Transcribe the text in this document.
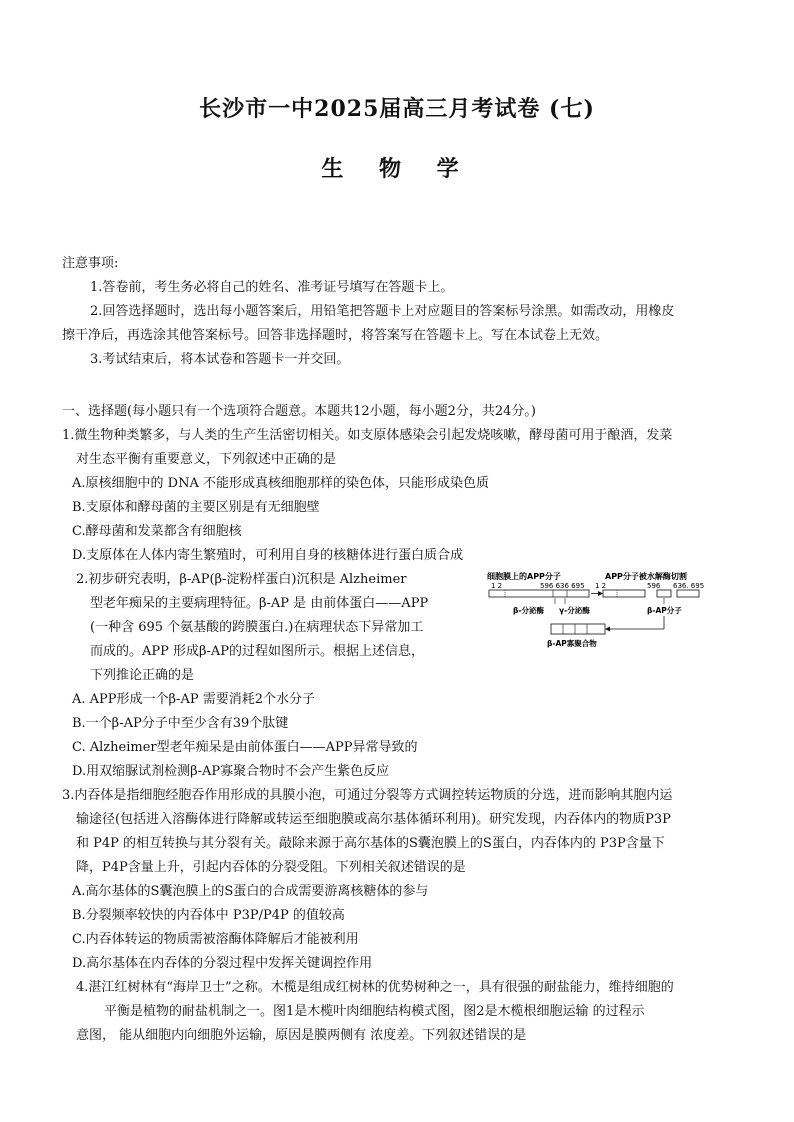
长沙市一中2025届高三月考试卷 (七)
生 物 学
注意事项:
1.答卷前，考生务必将自己的姓名、准考证号填写在答题卡上。
2.回答选择题时，选出每小题答案后，用铅笔把答题卡上对应题目的答案标号涂黑。如需改动，用橡皮
擦干净后，再选涂其他答案标号。回答非选择题时，将答案写在答题卡上。写在本试卷上无效。
3.考试结束后，将本试卷和答题卡一并交回。
一、选择题(每小题只有一个选项符合题意。本题共12小题，每小题2分，共24分。)
1.微生物种类繁多，与人类的生产生活密切相关。如支原体感染会引起发烧咳嗽，酵母菌可用于酿酒，发菜
对生态平衡有重要意义，下列叙述中正确的是
A.原核细胞中的 DNA 不能形成真核细胞那样的染色体，只能形成染色质
B.支原体和酵母菌的主要区别是有无细胞壁
C.酵母菌和发菜都含有细胞核
D.支原体在人体内寄生繁殖时，可利用自身的核糖体进行蛋白质合成
2.初步研究表明，β-AP(β-淀粉样蛋白)沉积是 Alzheimer
型老年痴呆的主要病理特征。β-AP 是 由前体蛋白——APP
(一种含 695 个氨基酸的跨膜蛋白.)在病理状态下异常加工
而成的。APP 形成β-AP的过程如图所示。根据上述信息，
下列推论正确的是
A. APP形成一个β-AP 需要消耗2个水分子
B.一个β-AP分子中至少含有39个肽键
C. Alzheimer型老年痴呆是由前体蛋白——APP异常导致的
D.用双缩脲试剂检测β-AP寡聚合物时不会产生紫色反应
细胞膜上的APP分子	APP分子被水解酶切割
1 2	596 636 695 1 2	596 636. 695
β-分泌酶 γ-分泌酶	β-AP分子
β-AP寡聚合物
3.内吞体是指细胞经胞吞作用形成的具膜小泡，可通过分裂等方式调控转运物质的分选，进而影响其胞内运
输途径(包括进入溶酶体进行降解或转运至细胞膜或高尔基体循环利用)。研究发现，内吞体内的物质P3P
和 P4P 的相互转换与其分裂有关。敲除来源于高尔基体的S囊泡膜上的S蛋白，内吞体内的 P3P含量下
降，P4P含量上升，引起内吞体的分裂受阻。下列相关叙述错误的是
A.高尔基体的S囊泡膜上的S蛋白的合成需要游离核糖体的参与
B.分裂频率较快的内吞体中 P3P/P4P 的值较高
C.内吞体转运的物质需被溶酶体降解后才能被利用
D.高尔基体在内吞体的分裂过程中发挥关键调控作用
4.湛江红树林有“海岸卫士”之称。木榄是组成红树林的优势树种之一，具有很强的耐盐能力，维持细胞的
平衡是植物的耐盐机制之一。图1是木榄叶肉细胞结构模式图，图2是木榄根细胞运输 的过程示
意图， 能从细胞内向细胞外运输，原因是膜两侧有 浓度差。下列叙述错误的是
